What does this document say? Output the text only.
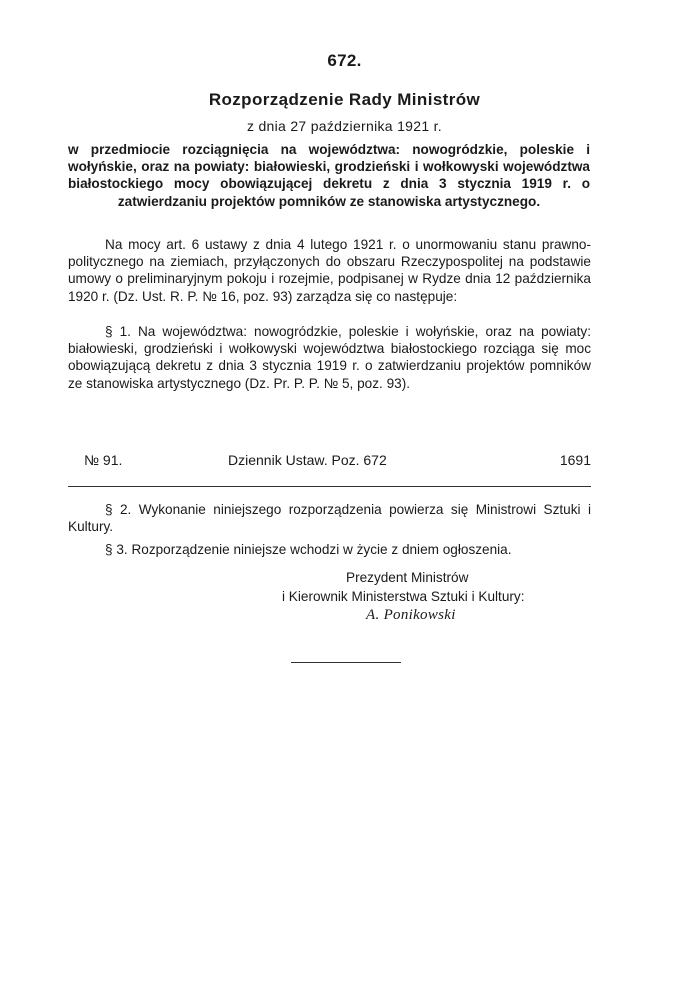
672.
Rozporządzenie Rady Ministrów
z dnia 27 października 1921 r.
w przedmiocie rozciągnięcia na województwa: nowogródzkie, poleskie i wołyńskie, oraz na powiaty: białowieski, grodzieński i wołkowyski województwa białostockiego mocy obowiązującej dekretu z dnia 3 stycznia 1919 r. o zatwierdzaniu projektów pomników ze stanowiska artystycznego.
Na mocy art. 6 ustawy z dnia 4 lutego 1921 r. o unormowaniu stanu prawno-politycznego na ziemiach, przyłączonych do obszaru Rzeczypospolitej na podstawie umowy o preliminaryjnym pokoju i rozejmie, podpisanej w Rydze dnia 12 października 1920 r. (Dz. Ust. R. P. № 16, poz. 93) zarządza się co następuje:
§ 1. Na województwa: nowogródzkie, poleskie i wołyńskie, oraz na powiaty: białowieski, grodzieński i wołkowyski województwa białostockiego rozciąga się moc obowiązującą dekretu z dnia 3 stycznia 1919 r. o zatwierdzaniu projektów pomników ze stanowiska artystycznego (Dz. Pr. P. P. № 5, poz. 93).
№ 91.	Dziennik Ustaw. Poz. 672	1691
§ 2. Wykonanie niniejszego rozporządzenia powierza się Ministrowi Sztuki i Kultury.
§ 3. Rozporządzenie niniejsze wchodzi w życie z dniem ogłoszenia.
Prezydent Ministrów
i Kierownik Ministerstwa Sztuki i Kultury:
A. Ponikowski
